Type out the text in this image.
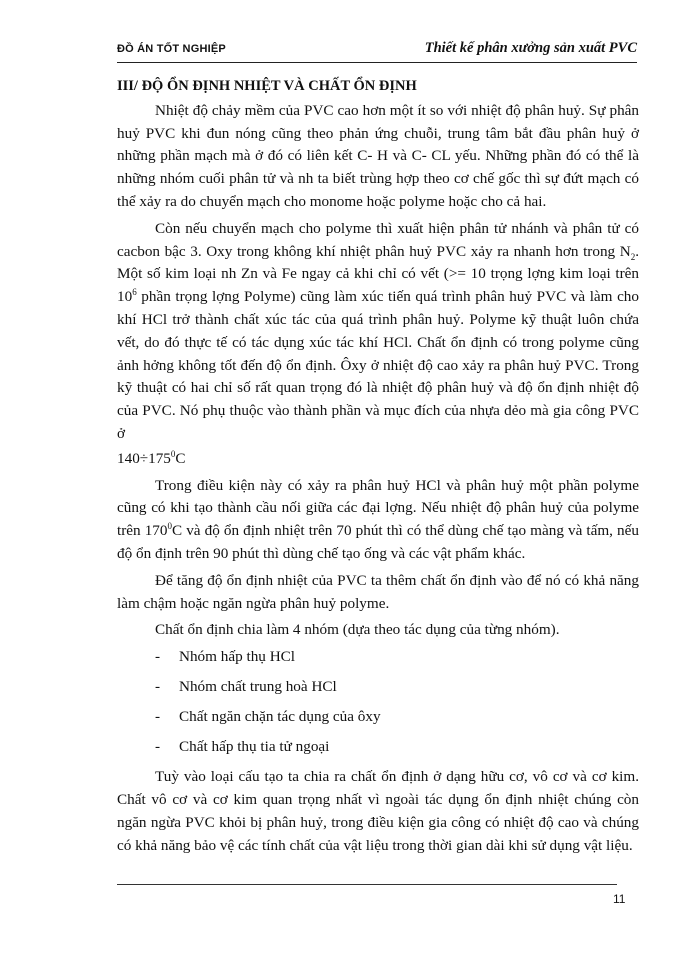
ĐỒ ÁN TỐT NGHIỆP	Thiết kế phân xưởng sản xuất PVC
III/ ĐỘ ỔN ĐỊNH NHIỆT VÀ CHẤT ỔN ĐỊNH

Nhiệt độ chảy mềm của PVC cao hơn một ít so với nhiệt độ phân huỷ. Sự phân huỷ PVC khi đun nóng cũng theo phản ứng chuỗi, trung tâm bắt đầu phân huỷ ở những phần mạch mà ở đó có liên kết C- H và C- CL yếu. Những phần đó có thể là những nhóm cuối phân tử và nh ta biết trùng hợp theo cơ chế gốc thì sự đứt mạch có thể xảy ra do chuyển mạch cho monome hoặc polyme hoặc cho cả hai.

Còn nếu chuyển mạch cho polyme thì xuất hiện phân tử nhánh và phân tử có cacbon bậc 3. Oxy trong không khí nhiệt phân huỷ PVC xảy ra nhanh hơn trong $N_2$. Một số kim loại nh Zn và Fe ngay cả khi chỉ có vết (>= 10 trọng lợng kim loại trên $10^6$ phần trọng lợng Polyme) cũng làm xúc tiến quá trình phân huỷ PVC và làm cho khí HCl trở thành chất xúc tác của quá trình phân huỷ. Polyme kỹ thuật luôn chứa vết, do đó thực tế có tác dụng xúc tác khí HCl. Chất ổn định có trong polyme cũng ảnh hởng không tốt đến độ ổn định. Ôxy ở nhiệt độ cao xảy ra phân huỷ PVC. Trong kỹ thuật có hai chỉ số rất quan trọng đó là nhiệt độ phân huỷ và độ ổn định nhiệt độ của PVC. Nó phụ thuộc vào thành phần và mục đích của nhựa dẻo mà gia công PVC ở

$140\div 175^0C$

Trong điều kiện này có xảy ra phân huỷ HCl và phân huỷ một phần polyme cũng có khi tạo thành cầu nối giữa các đại lợng. Nếu nhiệt độ phân huỷ của polyme trên $170^0C$ và độ ổn định nhiệt trên 70 phút thì có thể dùng chế tạo màng và tấm, nếu độ ổn định trên 90 phút thì dùng chế tạo ống và các vật phẩm khác.

Để tăng độ ổn định nhiệt của PVC ta thêm chất ổn định vào để nó có khả năng làm chậm hoặc ngăn ngừa phân huỷ polyme.

Chất ổn định chia làm 4 nhóm (dựa theo tác dụng của từng nhóm).

- Nhóm hấp thụ HCl
- Nhóm chất trung hoà HCl
- Chất ngăn chặn tác dụng của ôxy
- Chất hấp thụ tia tử ngoại

Tuỳ vào loại cấu tạo ta chia ra chất ổn định ở dạng hữu cơ, vô cơ và cơ kim. Chất vô cơ và cơ kim quan trọng nhất vì ngoài tác dụng ổn định nhiệt chúng còn ngăn ngừa PVC khỏi bị phân huỷ, trong điều kiện gia công có nhiệt độ cao và chúng có khả năng bảo vệ các tính chất của vật liệu trong thời gian dài khi sử dụng vật liệu.

11
